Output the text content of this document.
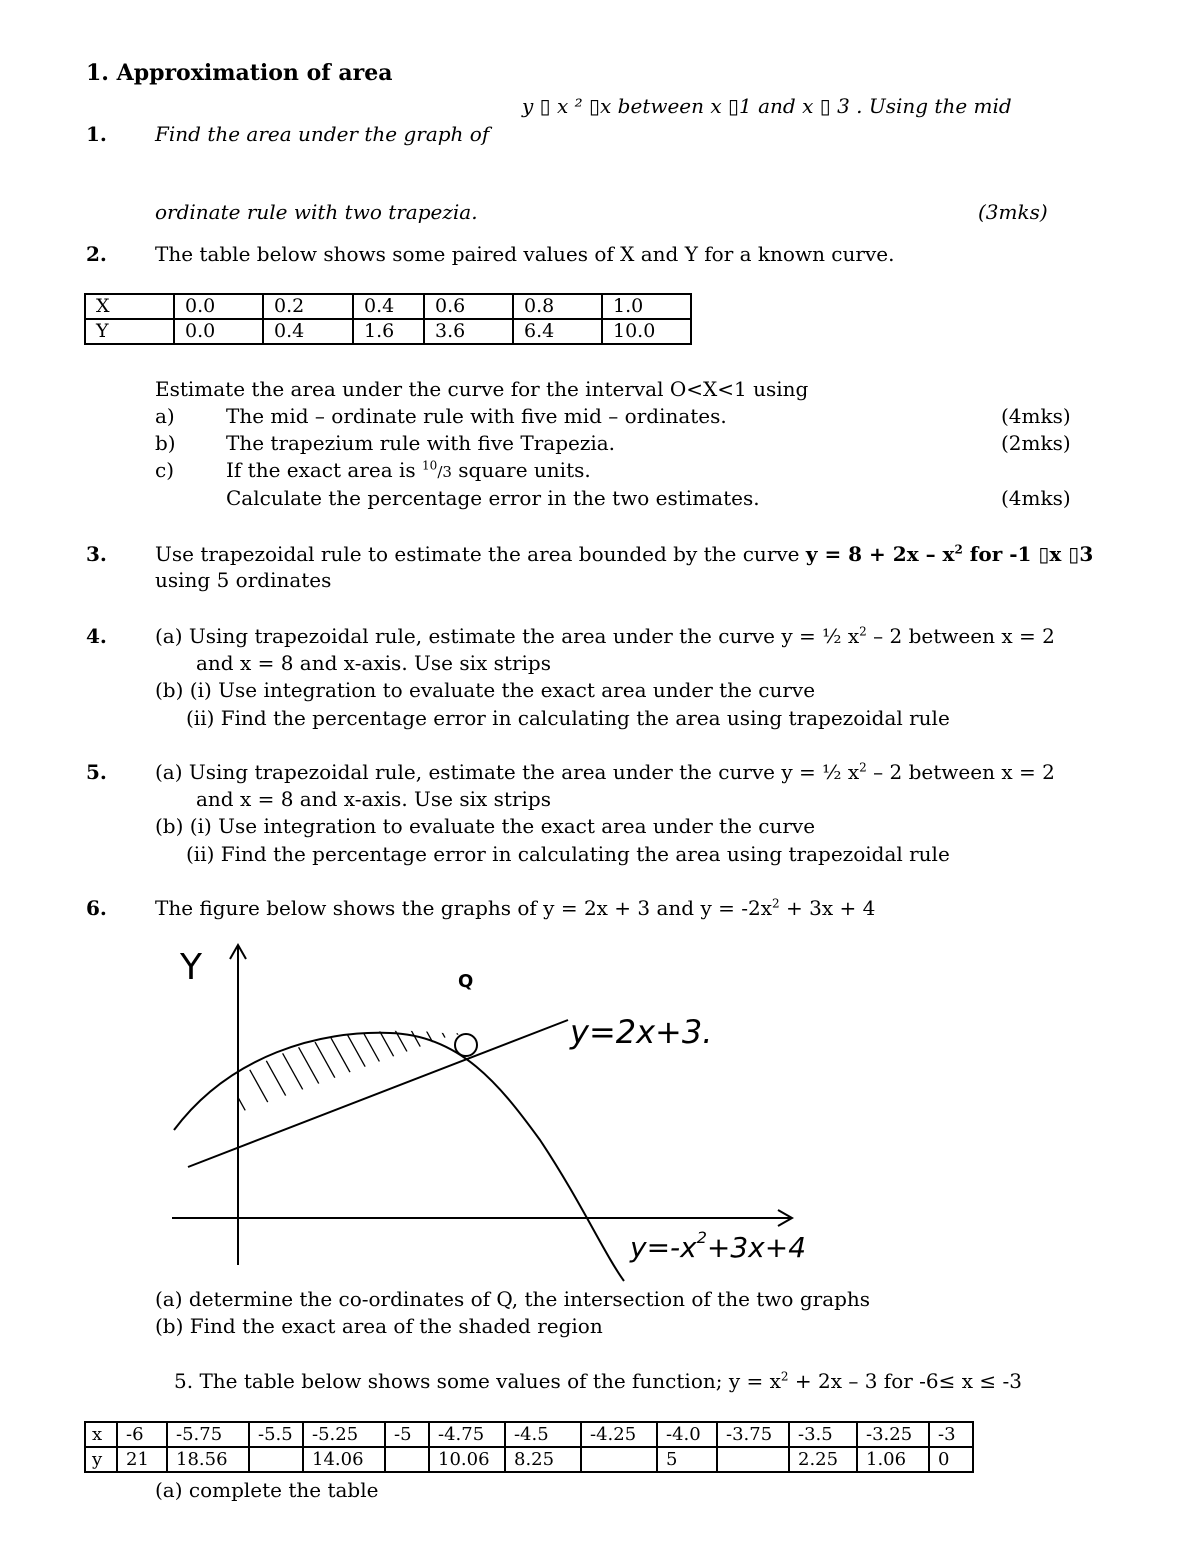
1. Approximation of area
1.
y ▯ x ² ▯x between x ▯1 and x ▯ 3 . Using the mid
Find the area under the graph of
ordinate rule with two trapezia.	(3mks)
2. The table below shows some paired values of X and Y for a known curve.
X	0.0	0.2	0.4	0.6	0.8	1.0
Y	0.0	0.4	1.6	3.6	6.4	10.0
Estimate the area under the curve for the interval O<X<1 using
a)	The mid – ordinate rule with five mid – ordinates.	(4mks)
b)	The trapezium rule with five Trapezia.	(2mks)
c)	If the exact area is $^{10}$/3 square units.
Calculate the percentage error in the two estimates.	(4mks)
3. Use trapezoidal rule to estimate the area bounded by the curve $y = 8 + 2x - x^2$ for -1 ▯x ▯3
using 5 ordinates
4. (a) Using trapezoidal rule, estimate the area under the curve y = ½ $x^2 - 2$ between x = 2
and x = 8 and x-axis. Use six strips
(b) (i) Use integration to evaluate the exact area under the curve
(ii) Find the percentage error in calculating the area using trapezoidal rule
5. (a) Using trapezoidal rule, estimate the area under the curve y = ½ $x^2 - 2$ between x = 2
and x = 8 and x-axis. Use six strips
(b) (i) Use integration to evaluate the exact area under the curve
(ii) Find the percentage error in calculating the area using trapezoidal rule
6. The figure below shows the graphs of y = 2x + 3 and $y = -2x^2 + 3x + 4$
Y	Q
y=2x+3.
$y=-x^2+3x+4$
(a) determine the co-ordinates of Q, the intersection of the two graphs
(b) Find the exact area of the shaded region
5. The table below shows some values of the function; $y = x^2 + 2x - 3$ for -6≤ x ≤ -3
x	-6	-5.75	-5.5	-5.25	-5	-4.75	-4.5	-4.25	-4.0	-3.75	-3.5	-3.25	-3
y	21	18.56		14.06		10.06	8.25		5		2.25	1.06	0
(a) complete the table
